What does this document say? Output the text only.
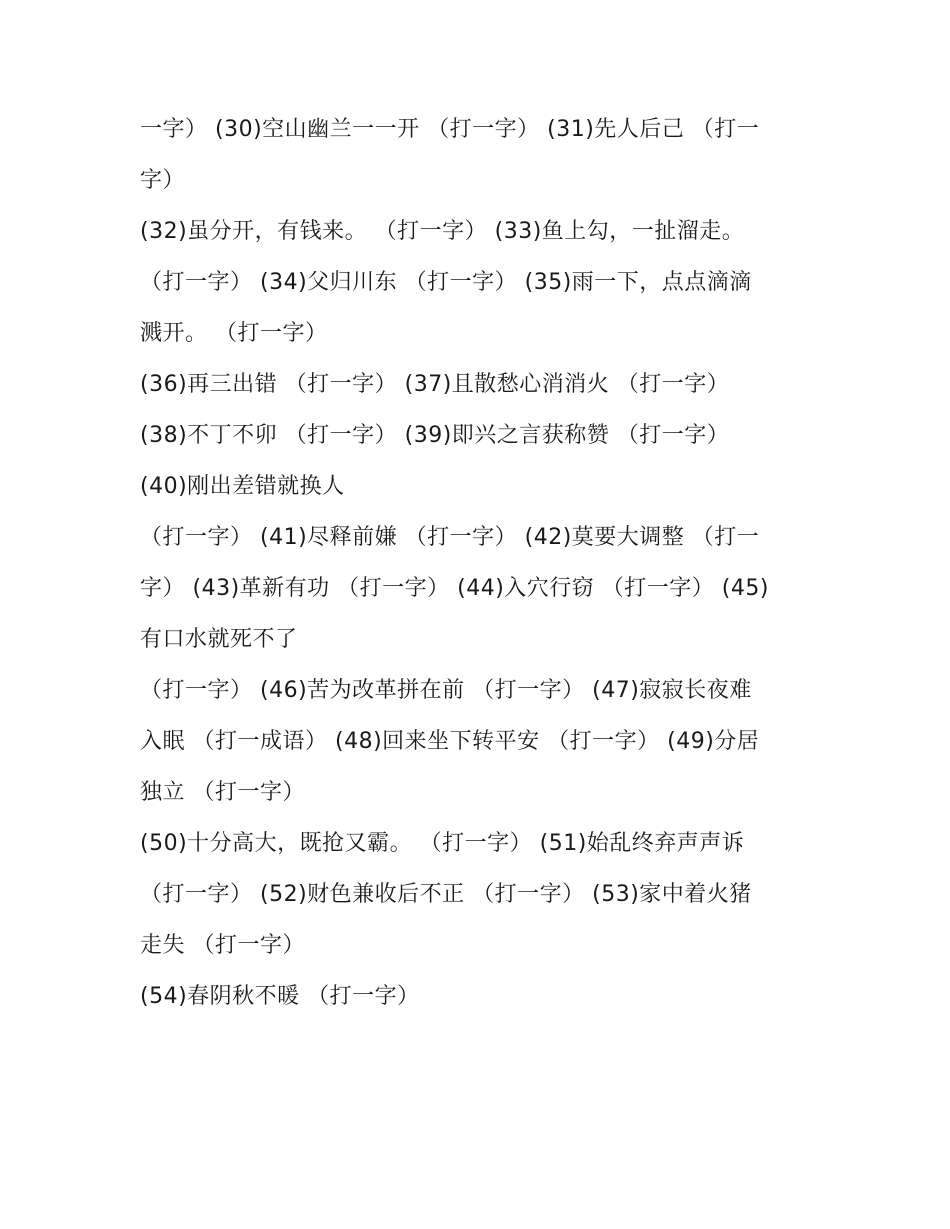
一字） (30)空山幽兰一一开 （打一字） (31)先人后己 （打一
字）
(32)虽分开，有钱来。 （打一字） (33)鱼上勾，一扯溜走。
（打一字） (34)父归川东 （打一字） (35)雨一下，点点滴滴
溅开。 （打一字）
(36)再三出错 （打一字） (37)且散愁心消消火 （打一字）
(38)不丁不卯 （打一字） (39)即兴之言获称赞 （打一字）
(40)刚出差错就换人
（打一字） (41)尽释前嫌 （打一字） (42)莫要大调整 （打一
字） (43)革新有功 （打一字） (44)入穴行窃 （打一字） (45)
有口水就死不了
（打一字） (46)苦为改革拼在前 （打一字） (47)寂寂长夜难
入眠 （打一成语） (48)回来坐下转平安 （打一字） (49)分居
独立 （打一字）
(50)十分高大，既抢又霸。 （打一字） (51)始乱终弃声声诉
（打一字） (52)财色兼收后不正 （打一字） (53)家中着火猪
走失 （打一字）
(54)春阴秋不暖 （打一字）
